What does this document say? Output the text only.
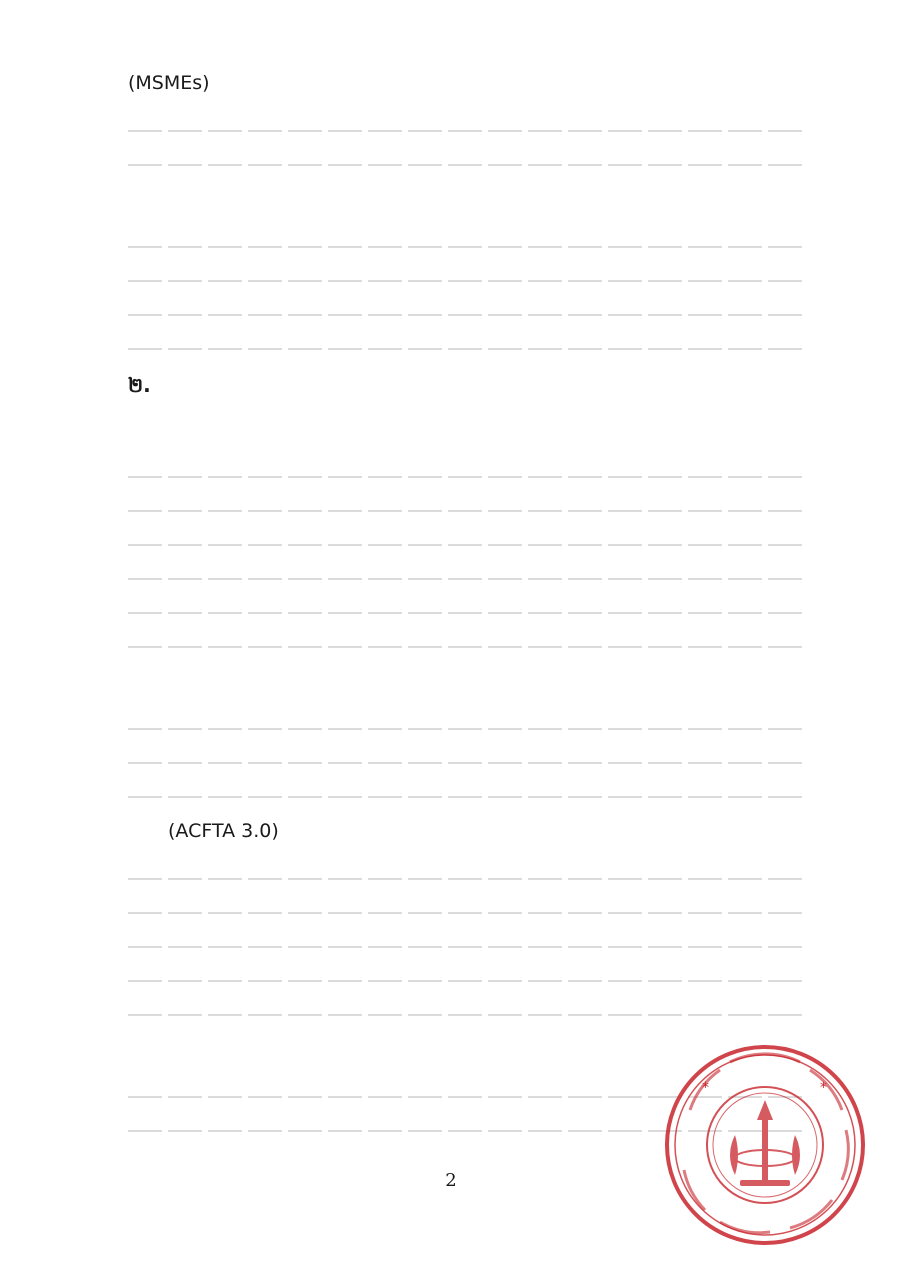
(MSMEs)

២.

(ACFTA 3.0)

2
*	*
